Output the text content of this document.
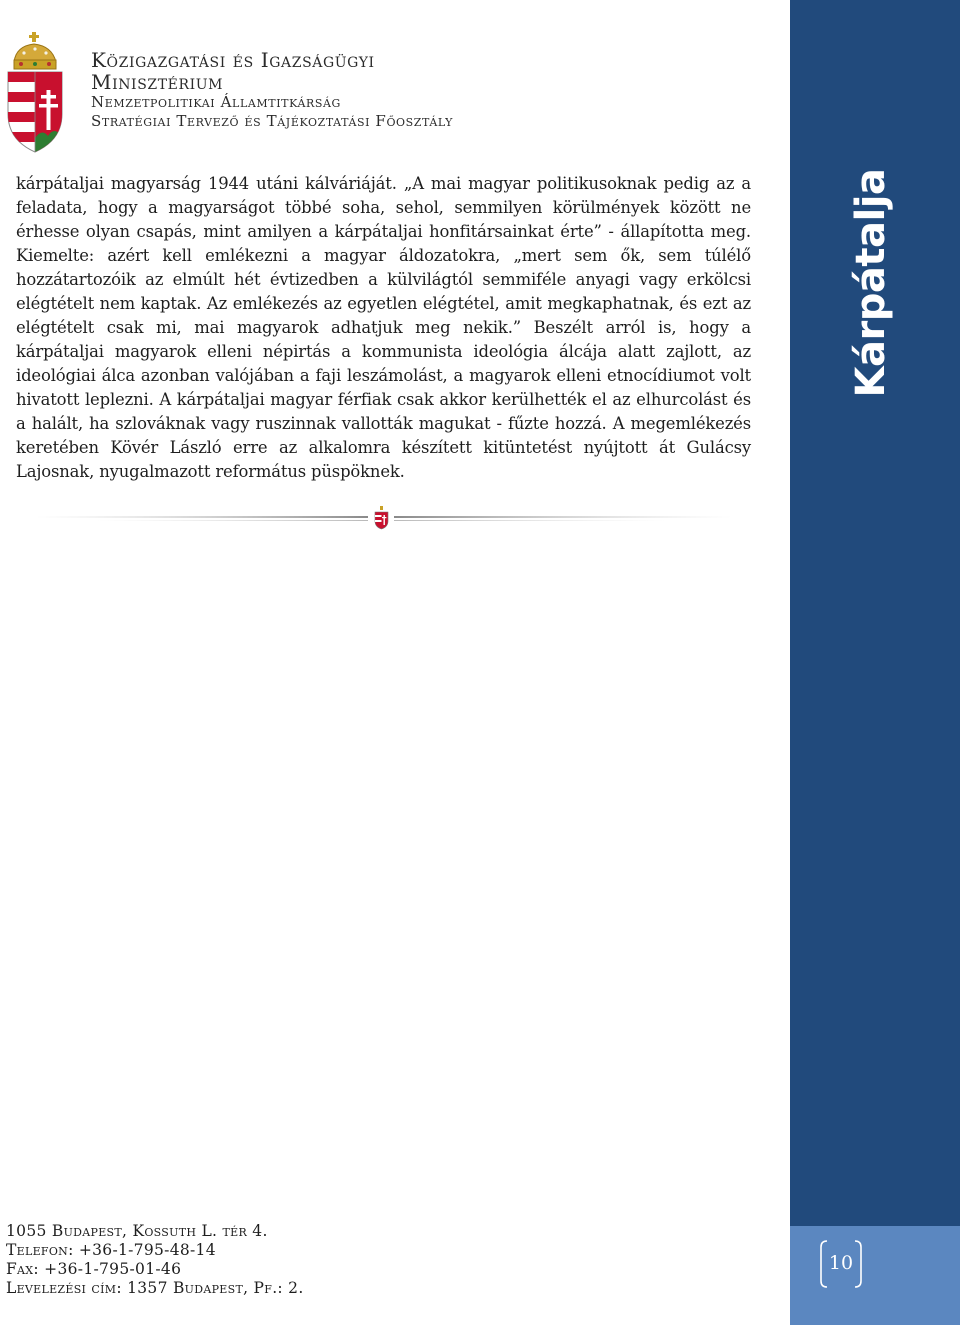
Közigazgatási és Igazságügyi
Minisztérium
Nemzetpolitikai Államtitkárság
Stratégiai Tervező és Tájékoztatási Főosztály

kárpátaljai magyarság 1944 utáni kálváriáját. „A mai magyar politikusoknak pedig az a feladata, hogy a magyarságot többé soha, sehol, semmilyen körülmények között ne érhesse olyan csapás, mint amilyen a kárpátaljai honfitársainkat érte” - állapította meg. Kiemelte: azért kell emlékezni a magyar áldozatokra, „mert sem ők, sem túlélő hozzátartozóik az elmúlt hét évtizedben a külvilágtól semmiféle anyagi vagy erkölcsi elégtételt nem kaptak. Az emlékezés az egyetlen elégtétel, amit megkaphatnak, és ezt az elégtételt csak mi, mai magyarok adhatjuk meg nekik.” Beszélt arról is, hogy a kárpátaljai magyarok elleni népirtás a kommunista ideológia álcája alatt zajlott, az ideológiai álca azonban valójában a faji leszámolást, a magyarok elleni etnocídiumot volt hivatott leplezni. A kárpátaljai magyar férfiak csak akkor kerülhették el az elhurcolást és a halált, ha szlováknak vagy ruszinnak vallották magukat - fűzte hozzá. A megemlékezés keretében Kövér László erre az alkalomra készített kitüntetést nyújtott át Gulácsy Lajosnak, nyugalmazott református püspöknek.

Kárpátalja
10
1055 Budapest, Kossuth L. tér 4.
Telefon: +36-1-795-48-14
Fax: +36-1-795-01-46
Levelezési cím: 1357 Budapest, Pf.: 2.
